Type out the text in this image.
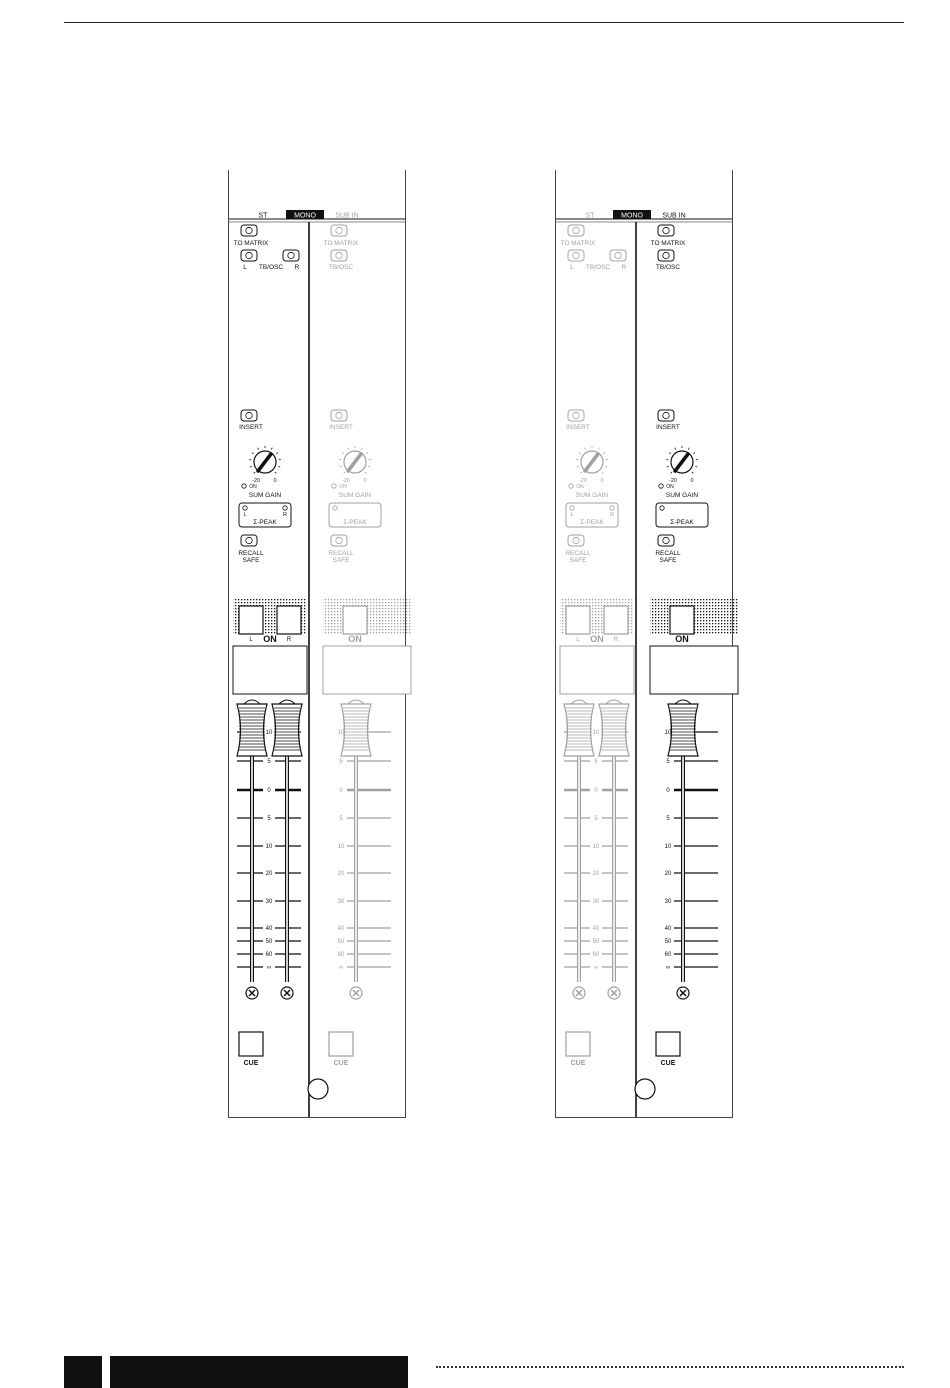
ST	MONO	SUB IN
TO MATRIX
L TB/OSC R
INSERT
-20 0
ON
SUM GAIN
L	R
Σ-PEAK
RECALL
SAFE
L ON R
10
5
0
5
10
20
30
40
50
60
∞
CUE
TO MATRIX
TB/OSC
INSERT
-20 0
ON
SUM GAIN
Σ-PEAK
RECALL
SAFE
ON
10
5
0
5
10
20
30
40
50
60
∞
CUE
ST	MONO	SUB IN
TO MATRIX
L TB/OSC R
INSERT
-20 0
ON
SUM GAIN
L	R
Σ-PEAK
RECALL
SAFE
L ON R
10
5
0
5
10
20
30
40
50
60
∞
CUE
TO MATRIX
TB/OSC
INSERT
-20 0
ON
SUM GAIN
Σ-PEAK
RECALL
SAFE
ON
10
5
0
5
10
20
30
40
50
60
∞
CUE
